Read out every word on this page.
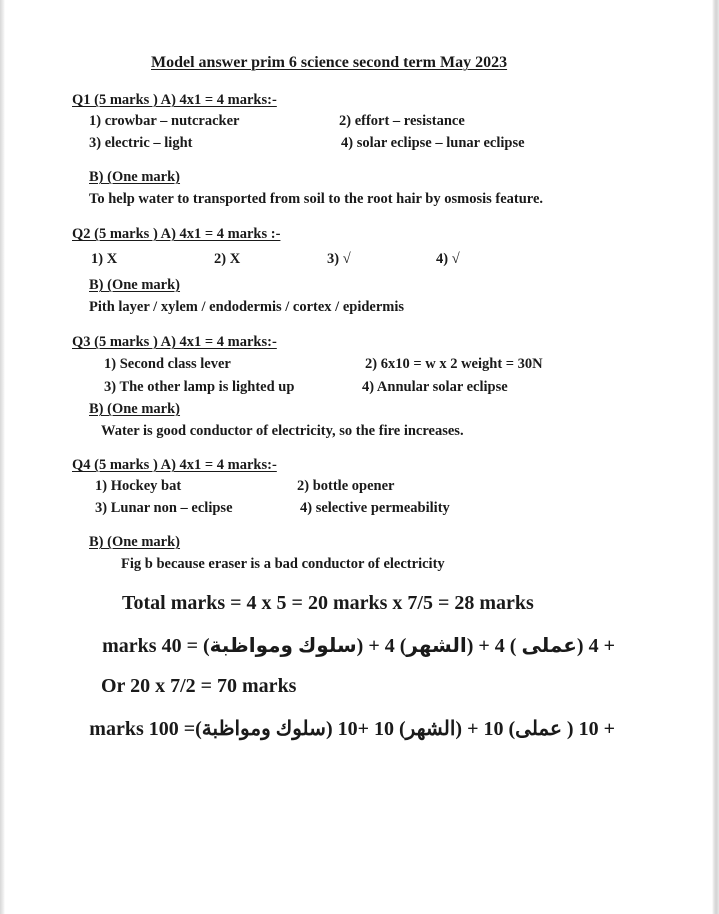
Model answer prim 6 science second term May 2023
Q1 (5 marks ) A) 4x1 = 4 marks:-
1) crowbar – nutcracker	2) effort – resistance
3) electric – light	4) solar eclipse – lunar eclipse
B) (One mark)
To help water to transported from soil to the root hair by osmosis feature.
Q2 (5 marks ) A) 4x1 = 4 marks :-
1) X	2) X	3) √	4) √
B) (One mark)
Pith layer / xylem / endodermis / cortex / epidermis
Q3 (5 marks ) A) 4x1 = 4 marks:-
1) Second class lever	2) 6x10 = w x 2 weight = 30N
3) The other lamp is lighted up	4) Annular solar eclipse
B) (One mark)
Water is good conductor of electricity, so the fire increases.
Q4 (5 marks ) A) 4x1 = 4 marks:-
1) Hockey bat	2) bottle opener
3) Lunar non – eclipse	4) selective permeability
B) (One mark)
Fig b because eraser is a bad conductor of electricity
Total marks = 4 x 5 = 20 marks x 7/5 = 28 marks
+ 4 (عملى ) 4 + (الشهر) 4 + (سلوك ومواظبة) = 40 marks
Or 20 x 7/2 = 70 marks
+ 10 ( عملى) 10 + (الشهر) 10 +10 (سلوك ومواظبة)= 100 marks
